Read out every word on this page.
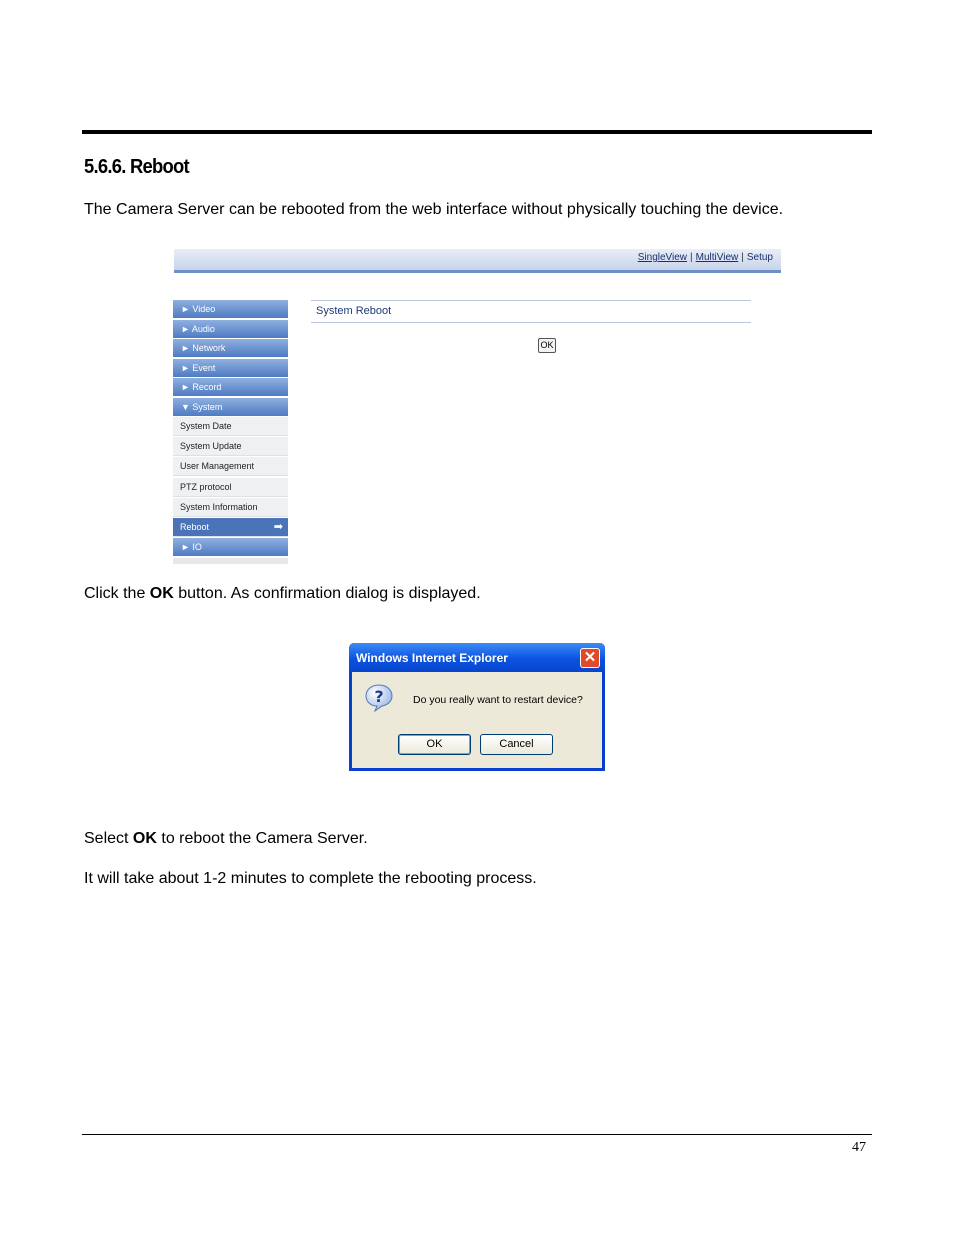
5.6.6. Reboot
The Camera Server can be rebooted from the web interface without physically touching the device.
SingleView | MultiView | Setup
► Video
► Audio
► Network
► Event
► Record
▼ System
System Date
System Update
User Management
PTZ protocol
System Information
Reboot	➡
► IO
System Reboot
OK
Click the OK button. As confirmation dialog is displayed.
Windows Internet Explorer	✕
?	Do you really want to restart device?
OK	Cancel
Select OK to reboot the Camera Server.
It will take about 1-2 minutes to complete the rebooting process.
47
